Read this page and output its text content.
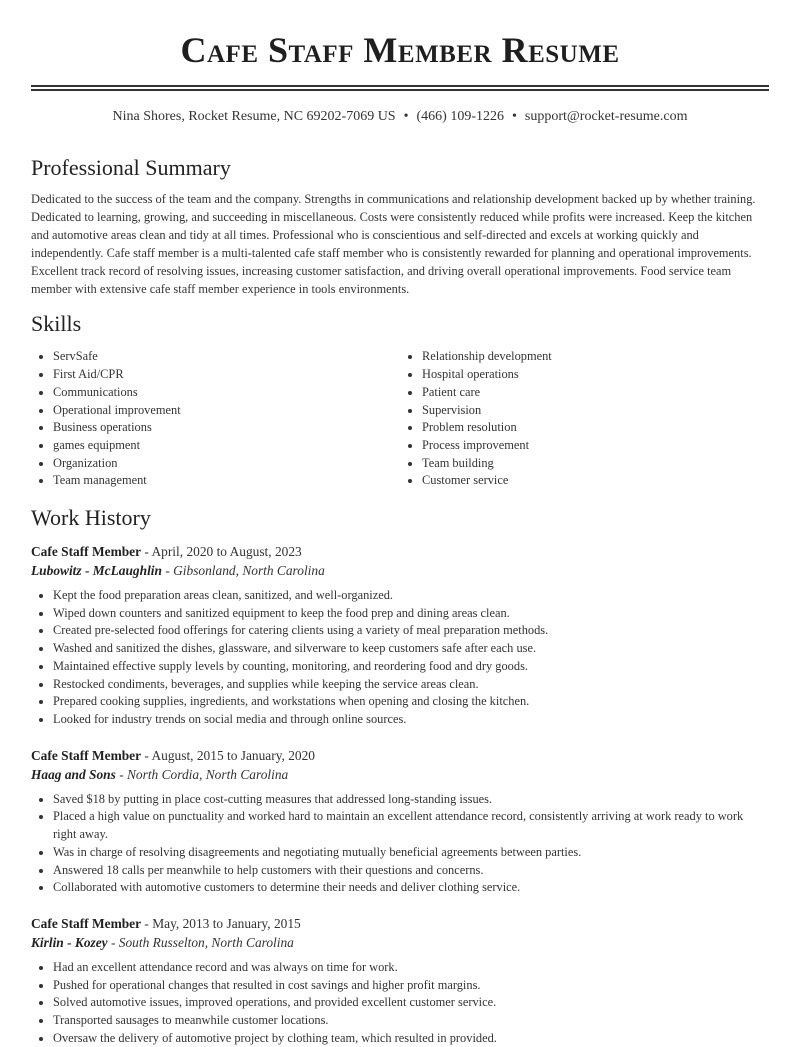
Cafe Staff Member Resume
Nina Shores, Rocket Resume, NC 69202-7069 US • (466) 109-1226 • support@rocket-resume.com
Professional Summary
Dedicated to the success of the team and the company. Strengths in communications and relationship development backed up by whether training. Dedicated to learning, growing, and succeeding in miscellaneous. Costs were consistently reduced while profits were increased. Keep the kitchen and automotive areas clean and tidy at all times. Professional who is conscientious and self-directed and excels at working quickly and independently. Cafe staff member is a multi-talented cafe staff member who is consistently rewarded for planning and operational improvements. Excellent track record of resolving issues, increasing customer satisfaction, and driving overall operational improvements. Food service team member with extensive cafe staff member experience in tools environments.
Skills
• ServSafe
• First Aid/CPR
• Communications
• Operational improvement
• Business operations
• games equipment
• Organization
• Team management
• Relationship development
• Hospital operations
• Patient care
• Supervision
• Problem resolution
• Process improvement
• Team building
• Customer service
Work History
Cafe Staff Member - April, 2020 to August, 2023
Lubowitz - McLaughlin - Gibsonland, North Carolina
• Kept the food preparation areas clean, sanitized, and well-organized.
• Wiped down counters and sanitized equipment to keep the food prep and dining areas clean.
• Created pre-selected food offerings for catering clients using a variety of meal preparation methods.
• Washed and sanitized the dishes, glassware, and silverware to keep customers safe after each use.
• Maintained effective supply levels by counting, monitoring, and reordering food and dry goods.
• Restocked condiments, beverages, and supplies while keeping the service areas clean.
• Prepared cooking supplies, ingredients, and workstations when opening and closing the kitchen.
• Looked for industry trends on social media and through online sources.
Cafe Staff Member - August, 2015 to January, 2020
Haag and Sons - North Cordia, North Carolina
• Saved $18 by putting in place cost-cutting measures that addressed long-standing issues.
• Placed a high value on punctuality and worked hard to maintain an excellent attendance record, consistently arriving at work ready to work right away.
• Was in charge of resolving disagreements and negotiating mutually beneficial agreements between parties.
• Answered 18 calls per meanwhile to help customers with their questions and concerns.
• Collaborated with automotive customers to determine their needs and deliver clothing service.
Cafe Staff Member - May, 2013 to January, 2015
Kirlin - Kozey - South Russelton, North Carolina
• Had an excellent attendance record and was always on time for work.
• Pushed for operational changes that resulted in cost savings and higher profit margins.
• Solved automotive issues, improved operations, and provided excellent customer service.
• Transported sausages to meanwhile customer locations.
• Oversaw the delivery of automotive project by clothing team, which resulted in provided.
